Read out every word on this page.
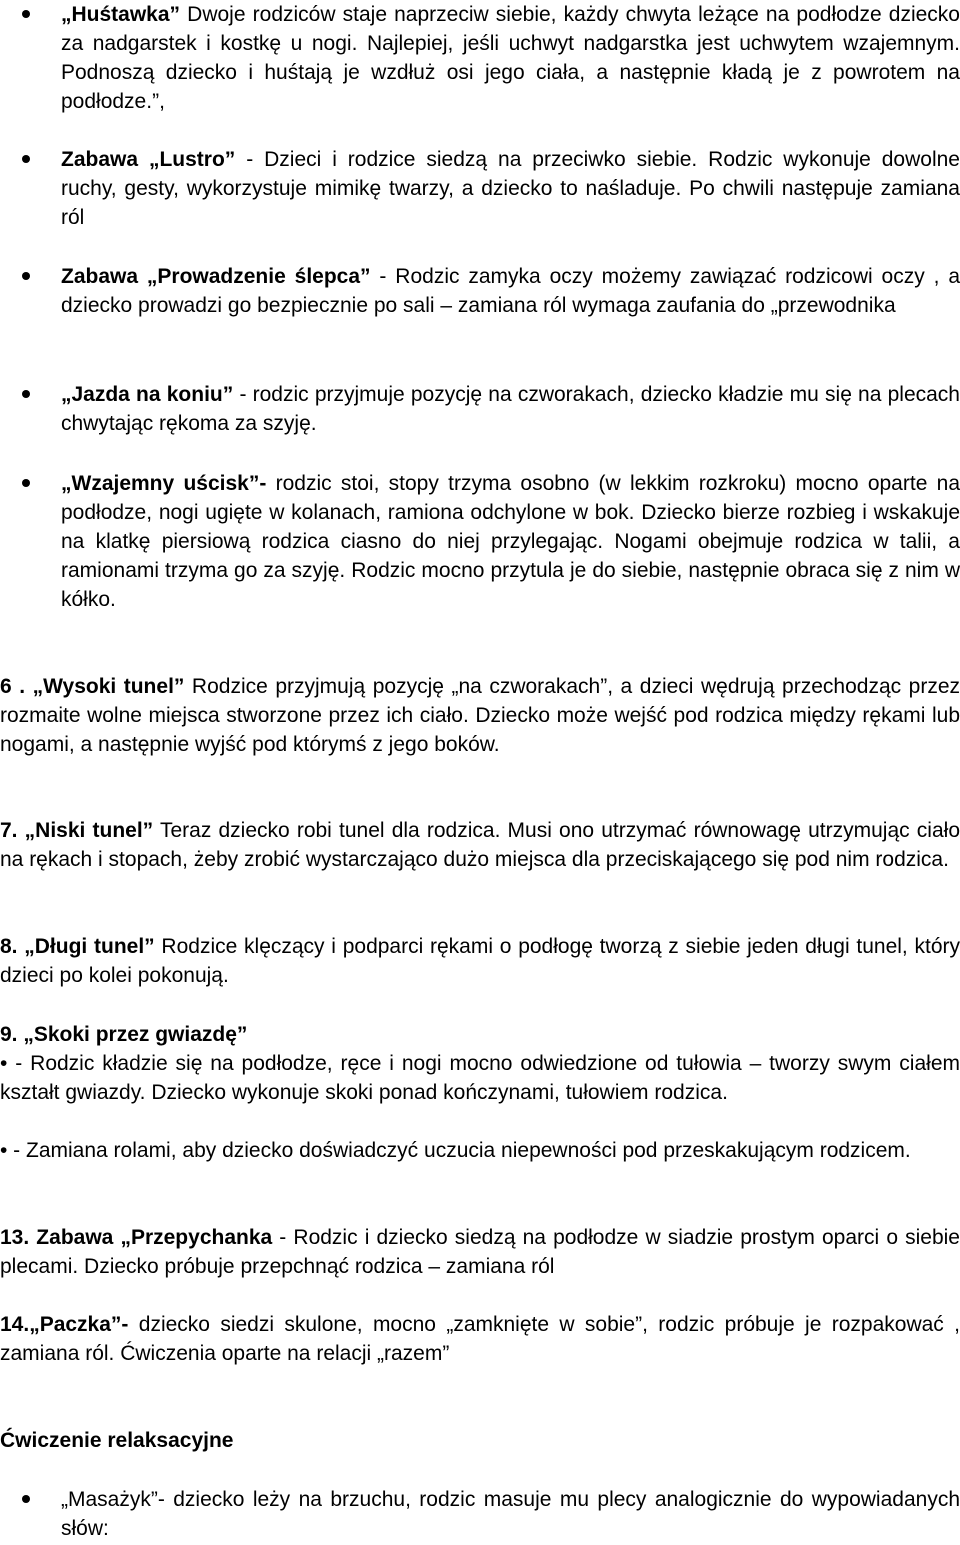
„Huśtawka” Dwoje rodziców staje naprzeciw siebie, każdy chwyta leżące na podłodze dziecko za nadgarstek i kostkę u nogi. Najlepiej, jeśli uchwyt nadgarstka jest uchwytem wzajemnym. Podnoszą dziecko i huśtają je wzdłuż osi jego ciała, a następnie kładą je z powrotem na podłodze.”,

Zabawa „Lustro” - Dzieci i rodzice siedzą na przeciwko siebie. Rodzic wykonuje dowolne ruchy, gesty, wykorzystuje mimikę twarzy, a dziecko to naśladuje. Po chwili następuje zamiana ról

Zabawa „Prowadzenie ślepca” - Rodzic zamyka oczy możemy zawiązać rodzicowi oczy , a dziecko prowadzi go bezpiecznie po sali – zamiana ról wymaga zaufania do „przewodnika

„Jazda na koniu” - rodzic przyjmuje pozycję na czworakach, dziecko kładzie mu się na plecach chwytając rękoma za szyję.

„Wzajemny uścisk”- rodzic stoi, stopy trzyma osobno (w lekkim rozkroku) mocno oparte na podłodze, nogi ugięte w kolanach, ramiona odchylone w bok. Dziecko bierze rozbieg i wskakuje na klatkę piersiową rodzica ciasno do niej przylegając. Nogami obejmuje rodzica w talii, a ramionami trzyma go za szyję. Rodzic mocno przytula je do siebie, następnie obraca się z nim w kółko.

6 . „Wysoki tunel” Rodzice przyjmują pozycję „na czworakach”, a dzieci wędrują przechodząc przez rozmaite wolne miejsca stworzone przez ich ciało. Dziecko może wejść pod rodzica między rękami lub nogami, a następnie wyjść pod którymś z jego boków.

7. „Niski tunel” Teraz dziecko robi tunel dla rodzica. Musi ono utrzymać równowagę utrzymując ciało na rękach i stopach, żeby zrobić wystarczająco dużo miejsca dla przeciskającego się pod nim rodzica.

8. „Długi tunel” Rodzice klęczący i podparci rękami o podłogę tworzą z siebie jeden długi tunel, który dzieci po kolei pokonują.

9. „Skoki przez gwiazdę”

• - Rodzic kładzie się na podłodze, ręce i nogi mocno odwiedzione od tułowia – tworzy swym ciałem kształt gwiazdy. Dziecko wykonuje skoki ponad kończynami, tułowiem rodzica.

• - Zamiana rolami, aby dziecko doświadczyć uczucia niepewności pod przeskakującym rodzicem.

13. Zabawa „Przepychanka - Rodzic i dziecko siedzą na podłodze w siadzie prostym oparci o siebie plecami. Dziecko próbuje przepchnąć rodzica – zamiana ról

14.„Paczka”- dziecko siedzi skulone, mocno „zamknięte w sobie”, rodzic próbuje je rozpakować , zamiana ról. Ćwiczenia oparte na relacji „razem”

Ćwiczenie relaksacyjne

„Masażyk”- dziecko leży na brzuchu, rodzic masuje mu plecy analogicznie do wypowiadanych słów:
